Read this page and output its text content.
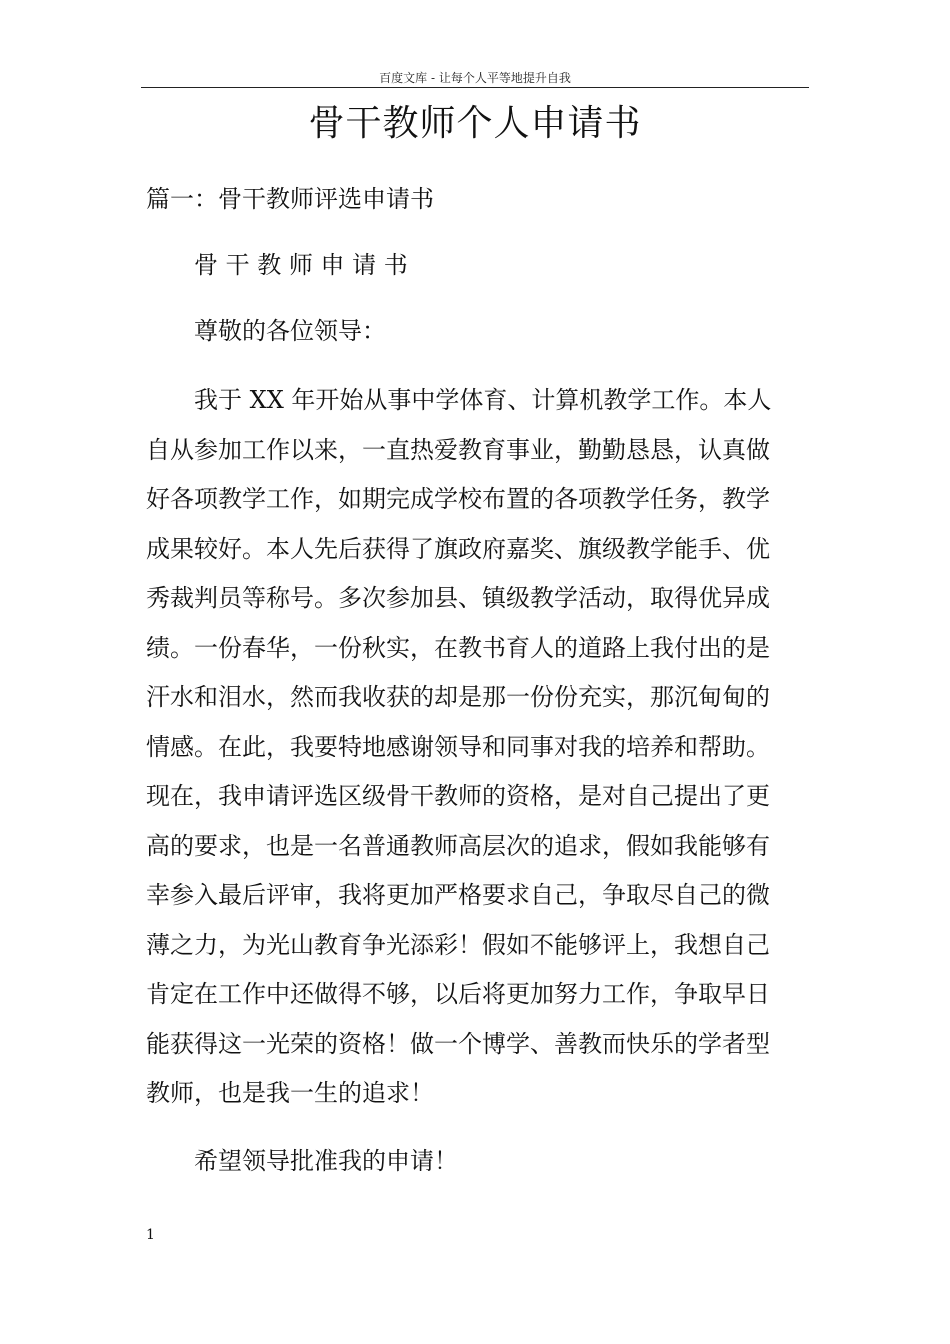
百度文库 - 让每个人平等地提升自我
骨干教师个人申请书
篇一：骨干教师评选申请书
骨 干 教 师 申 请 书
尊敬的各位领导：
我于 XX 年开始从事中学体育、计算机教学工作。本人
自从参加工作以来，一直热爱教育事业，勤勤恳恳，认真做
好各项教学工作，如期完成学校布置的各项教学任务，教学
成果较好。本人先后获得了旗政府嘉奖、旗级教学能手、优
秀裁判员等称号。多次参加县、镇级教学活动，取得优异成
绩。一份春华，一份秋实，在教书育人的道路上我付出的是
汗水和泪水，然而我收获的却是那一份份充实，那沉甸甸的
情感。在此，我要特地感谢领导和同事对我的培养和帮助。
现在，我申请评选区级骨干教师的资格，是对自己提出了更
高的要求，也是一名普通教师高层次的追求，假如我能够有
幸参入最后评审，我将更加严格要求自己，争取尽自己的微
薄之力，为光山教育争光添彩！假如不能够评上，我想自己
肯定在工作中还做得不够，以后将更加努力工作，争取早日
能获得这一光荣的资格！做一个博学、善教而快乐的学者型
教师，也是我一生的追求！
希望领导批准我的申请！
1
